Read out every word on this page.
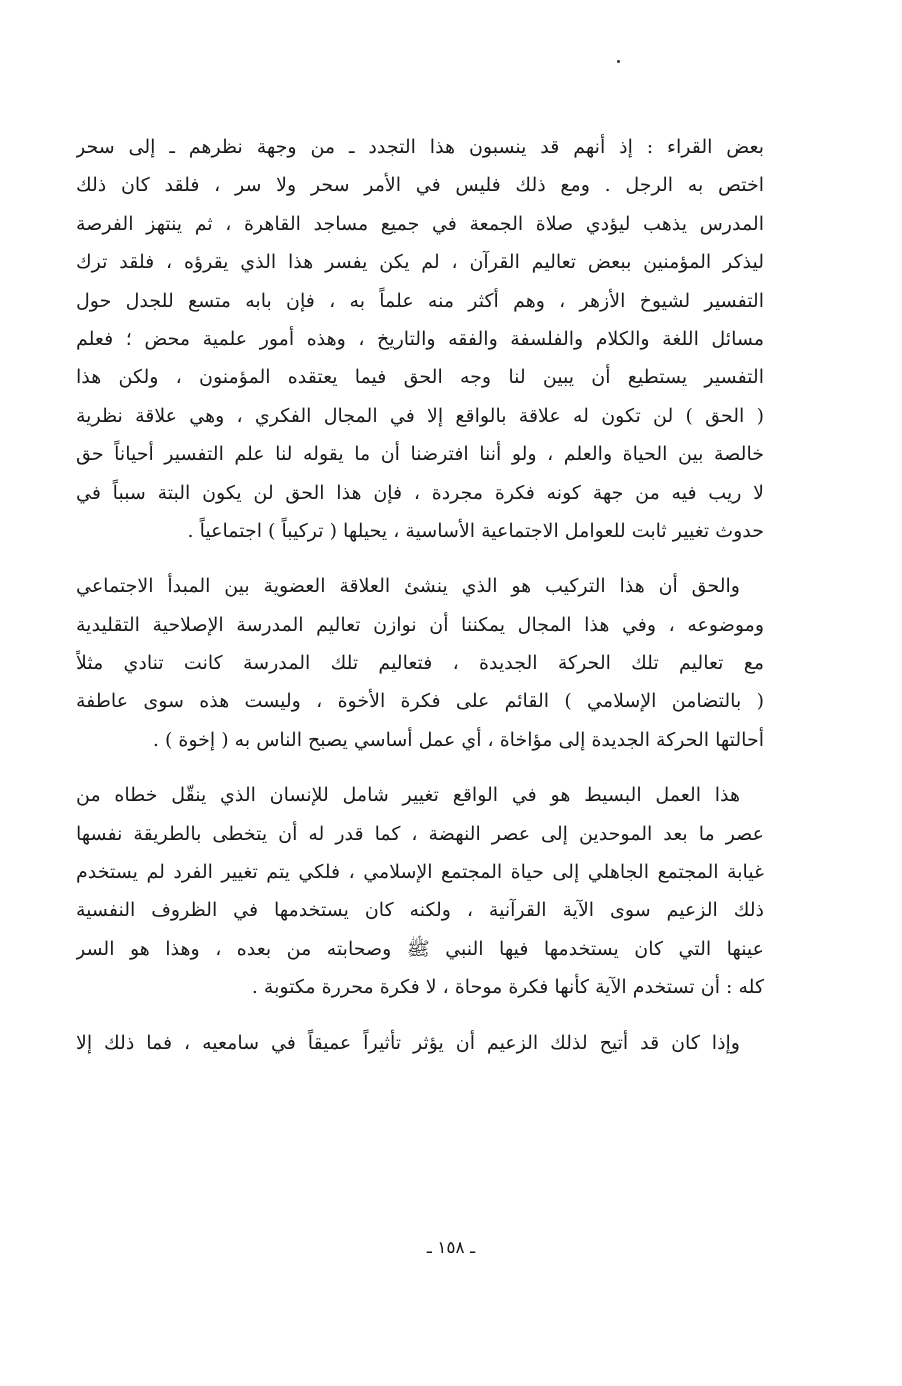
بعض القراء : إذ أنهم قد ينسبون هذا التجدد ـ من وجهة نظرهم ـ إلى سحر
اختص به الرجل . ومع ذلك فليس في الأمر سحر ولا سر ، فلقد كان ذلك
المدرس يذهب ليؤدي صلاة الجمعة في جميع مساجد القاهرة ، ثم ينتهز الفرصة
ليذكر المؤمنين ببعض تعاليم القرآن ، لم يكن يفسر هذا الذي يقرؤه ، فلقد ترك
التفسير لشيوخ الأزهر ، وهم أكثر منه علماً به ، فإن بابه متسع للجدل حول
مسائل اللغة والكلام والفلسفة والفقه والتاريخ ، وهذه أمور علمية محض ؛ فعلم
التفسير يستطيع أن يبين لنا وجه الحق فيما يعتقده المؤمنون ، ولكن هذا
( الحق ) لن تكون له علاقة بالواقع إلا في المجال الفكري ، وهي علاقة نظرية
خالصة بين الحياة والعلم ، ولو أننا افترضنا أن ما يقوله لنا علم التفسير أحياناً حق
لا ريب فيه من جهة كونه فكرة مجردة ، فإن هذا الحق لن يكون البتة سبباً في
حدوث تغيير ثابت للعوامل الاجتماعية الأساسية ، يحيلها ( تركيباً ) اجتماعياً .
والحق أن هذا التركيب هو الذي ينشئ العلاقة العضوية بين المبدأ الاجتماعي
وموضوعه ، وفي هذا المجال يمكننا أن نوازن تعاليم المدرسة الإصلاحية التقليدية
مع تعاليم تلك الحركة الجديدة ، فتعاليم تلك المدرسة كانت تنادي مثلاً
( بالتضامن الإسلامي ) القائم على فكرة الأخوة ، وليست هذه سوى عاطفة
أحالتها الحركة الجديدة إلى مؤاخاة ، أي عمل أساسي يصبح الناس به ( إخوة ) .
هذا العمل البسيط هو في الواقع تغيير شامل للإنسان الذي ينقّل خطاه من
عصر ما بعد الموحدين إلى عصر النهضة ، كما قدر له أن يتخطى بالطريقة نفسها
غيابة المجتمع الجاهلي إلى حياة المجتمع الإسلامي ، فلكي يتم تغيير الفرد لم يستخدم
ذلك الزعيم سوى الآية القرآنية ، ولكنه كان يستخدمها في الظروف النفسية
عينها التي كان يستخدمها فيها النبي ﷺ وصحابته من بعده ، وهذا هو السر
كله : أن تستخدم الآية كأنها فكرة موحاة ، لا فكرة محررة مكتوبة .
وإذا كان قد أتيح لذلك الزعيم أن يؤثر تأثيراً عميقاً في سامعيه ، فما ذلك إلا
ـ ١٥٨ ـ
